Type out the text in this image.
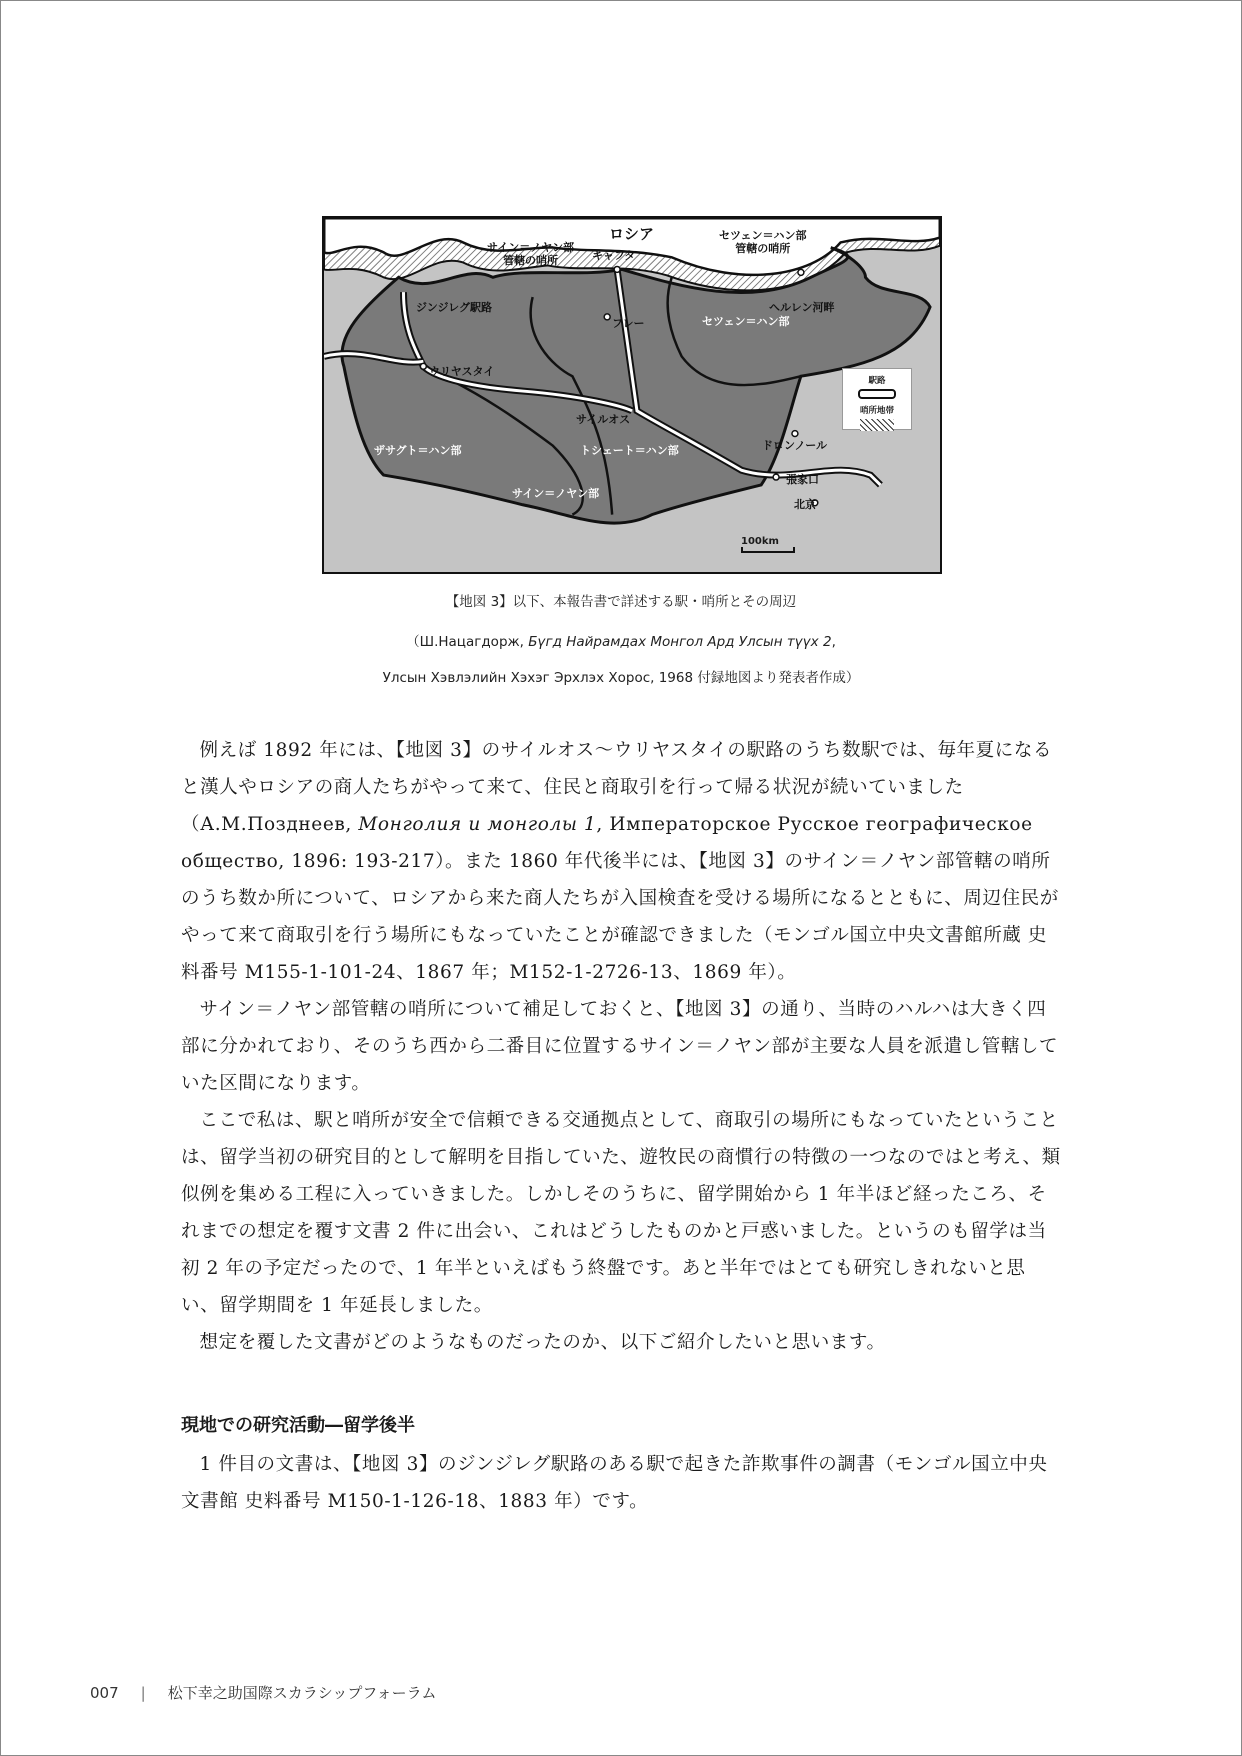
ロシア
サイン＝ノヤン部
管轄の哨所	キャフタ
セツェン＝ハン部
管轄の哨所
ヘルレン河畔
ジンジレグ駅路
ウリヤスタイ
フレー	セツェン＝ハン部
サイルオス
ザサグト＝ハン部	トシェート＝ハン部
サイン＝ノヤン部
ドロンノール
張家口
北京
駅路
哨所地帯
100km
【地図 3】以下、本報告書で詳述する駅・哨所とその周辺
（Ш.Нацагдорж, Бүгд Найрамдах Монгол Ард Улсын түүх 2,
Улсын Хэвлэлийн Хэхэг Эрхлэх Хорос, 1968 付録地図より発表者作成）

例えば 1892 年には、【地図 3】のサイルオス〜ウリヤスタイの駅路のうち数駅では、毎年夏になると漢人やロシアの商人たちがやって来て、住民と商取引を行って帰る状況が続いていました（А.М.Позднеев, Монголия и монголы 1, Императорское Русское географическое общество, 1896: 193-217）。また 1860 年代後半には、【地図 3】のサイン＝ノヤン部管轄の哨所のうち数か所について、ロシアから来た商人たちが入国検査を受ける場所になるとともに、周辺住民がやって来て商取引を行う場所にもなっていたことが確認できました（モンゴル国立中央文書館所蔵 史料番号 M155-1-101-24、1867 年；M152-1-2726-13、1869 年）。

サイン＝ノヤン部管轄の哨所について補足しておくと、【地図 3】の通り、当時のハルハは大きく四部に分かれており、そのうち西から二番目に位置するサイン＝ノヤン部が主要な人員を派遣し管轄していた区間になります。

ここで私は、駅と哨所が安全で信頼できる交通拠点として、商取引の場所にもなっていたということは、留学当初の研究目的として解明を目指していた、遊牧民の商慣行の特徴の一つなのではと考え、類似例を集める工程に入っていきました。しかしそのうちに、留学開始から 1 年半ほど経ったころ、それまでの想定を覆す文書 2 件に出会い、これはどうしたものかと戸惑いました。というのも留学は当初 2 年の予定だったので、1 年半といえばもう終盤です。あと半年ではとても研究しきれないと思い、留学期間を 1 年延長しました。

想定を覆した文書がどのようなものだったのか、以下ご紹介したいと思います。

現地での研究活動―留学後半

1 件目の文書は、【地図 3】のジンジレグ駅路のある駅で起きた詐欺事件の調書（モンゴル国立中央文書館 史料番号 M150-1-126-18、1883 年）です。

007 | 松下幸之助国際スカラシップフォーラム
